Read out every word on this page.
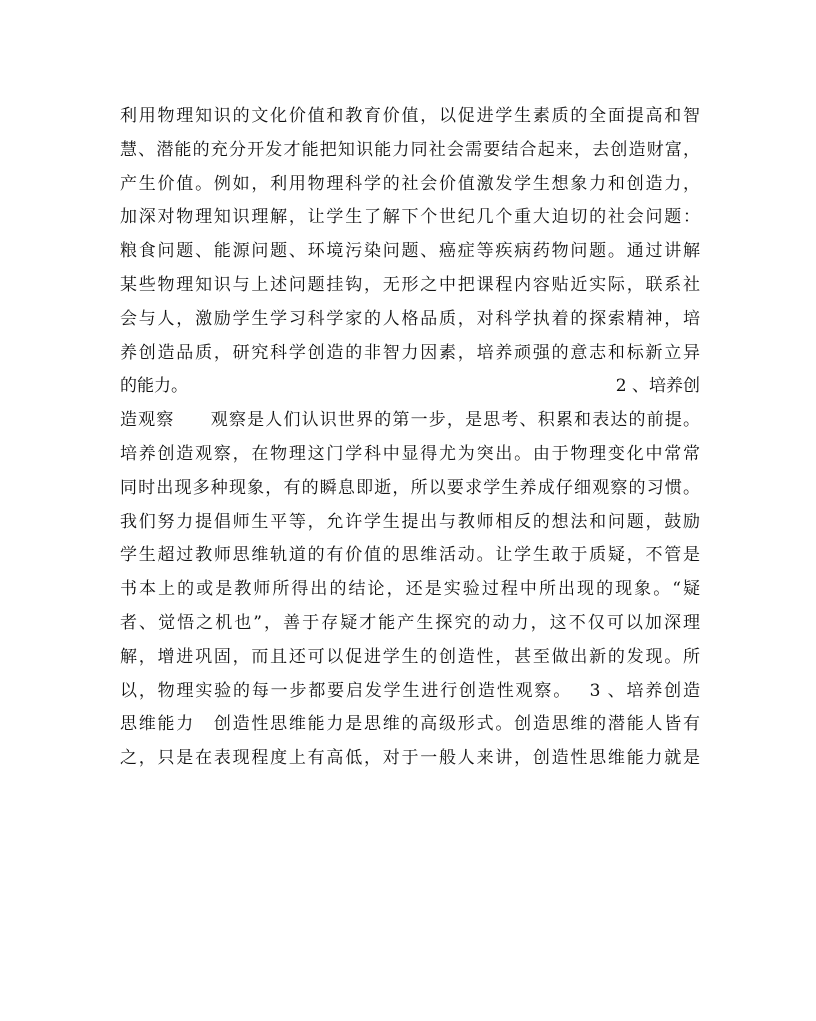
利用物理知识的文化价值和教育价值，以促进学生素质的全面提高和智
慧、潜能的充分开发才能把知识能力同社会需要结合起来，去创造财富，
产生价值。例如，利用物理科学的社会价值激发学生想象力和创造力，
加深对物理知识理解，让学生了解下个世纪几个重大迫切的社会问题：
粮食问题、能源问题、环境污染问题、癌症等疾病药物问题。通过讲解
某些物理知识与上述问题挂钩，无形之中把课程内容贴近实际，联系社
会与人，激励学生学习科学家的人格品质，对科学执着的探索精神，培
养创造品质，研究科学创造的非智力因素，培养顽强的意志和标新立异
的能力。	2 、培养创
造观察　　观察是人们认识世界的第一步，是思考、积累和表达的前提。
培养创造观察，在物理这门学科中显得尤为突出。由于物理变化中常常
同时出现多种现象，有的瞬息即逝，所以要求学生养成仔细观察的习惯。
我们努力提倡师生平等，允许学生提出与教师相反的想法和问题，鼓励
学生超过教师思维轨道的有价值的思维活动。让学生敢于质疑，不管是
书本上的或是教师所得出的结论，还是实验过程中所出现的现象。“疑
者、觉悟之机也”，善于存疑才能产生探究的动力，这不仅可以加深理
解，增进巩固，而且还可以促进学生的创造性，甚至做出新的发现。所
以，物理实验的每一步都要启发学生进行创造性观察。　 3 、培养创造
思维能力　创造性思维能力是思维的高级形式。创造思维的潜能人皆有
之，只是在表现程度上有高低，对于一般人来讲，创造性思维能力就是
